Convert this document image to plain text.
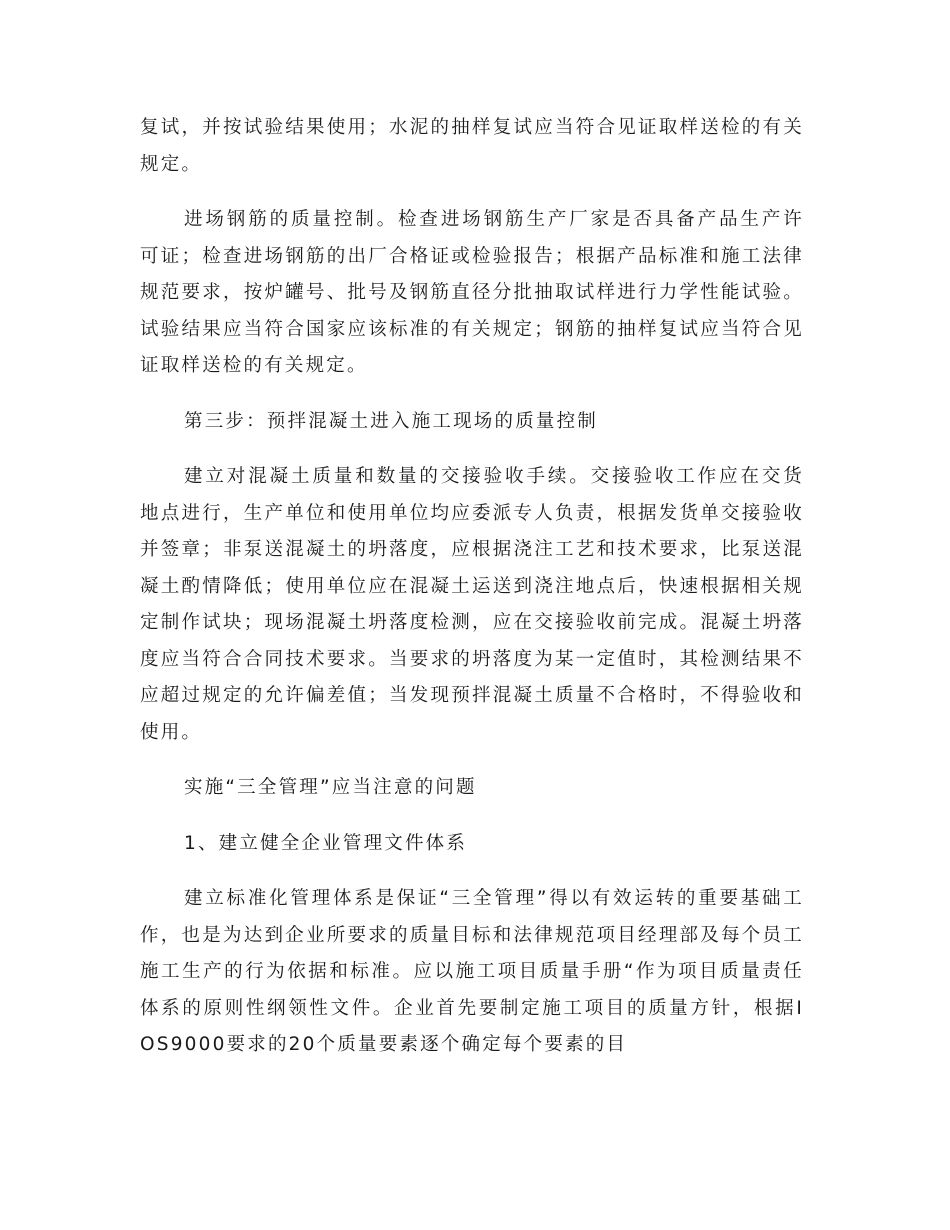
复试，并按试验结果使用；水泥的抽样复试应当符合见证取样送检的有关规定。

进场钢筋的质量控制。检查进场钢筋生产厂家是否具备产品生产许可证；检查进场钢筋的出厂合格证或检验报告；根据产品标准和施工法律规范要求，按炉罐号、批号及钢筋直径分批抽取试样进行力学性能试验。试验结果应当符合国家应该标准的有关规定；钢筋的抽样复试应当符合见证取样送检的有关规定。

第三步：预拌混凝土进入施工现场的质量控制

建立对混凝土质量和数量的交接验收手续。交接验收工作应在交货地点进行，生产单位和使用单位均应委派专人负责，根据发货单交接验收并签章；非泵送混凝土的坍落度，应根据浇注工艺和技术要求，比泵送混凝土酌情降低；使用单位应在混凝土运送到浇注地点后，快速根据相关规定制作试块；现场混凝土坍落度检测，应在交接验收前完成。混凝土坍落度应当符合合同技术要求。当要求的坍落度为某一定值时，其检测结果不应超过规定的允许偏差值；当发现预拌混凝土质量不合格时，不得验收和使用。

实施“三全管理”应当注意的问题

1、建立健全企业管理文件体系

建立标准化管理体系是保证“三全管理”得以有效运转的重要基础工作，也是为达到企业所要求的质量目标和法律规范项目经理部及每个员工施工生产的行为依据和标准。应以施工项目质量手册“作为项目质量责任体系的原则性纲领性文件。企业首先要制定施工项目的质量方针，根据IOS9000要求的20个质量要素逐个确定每个要素的目
